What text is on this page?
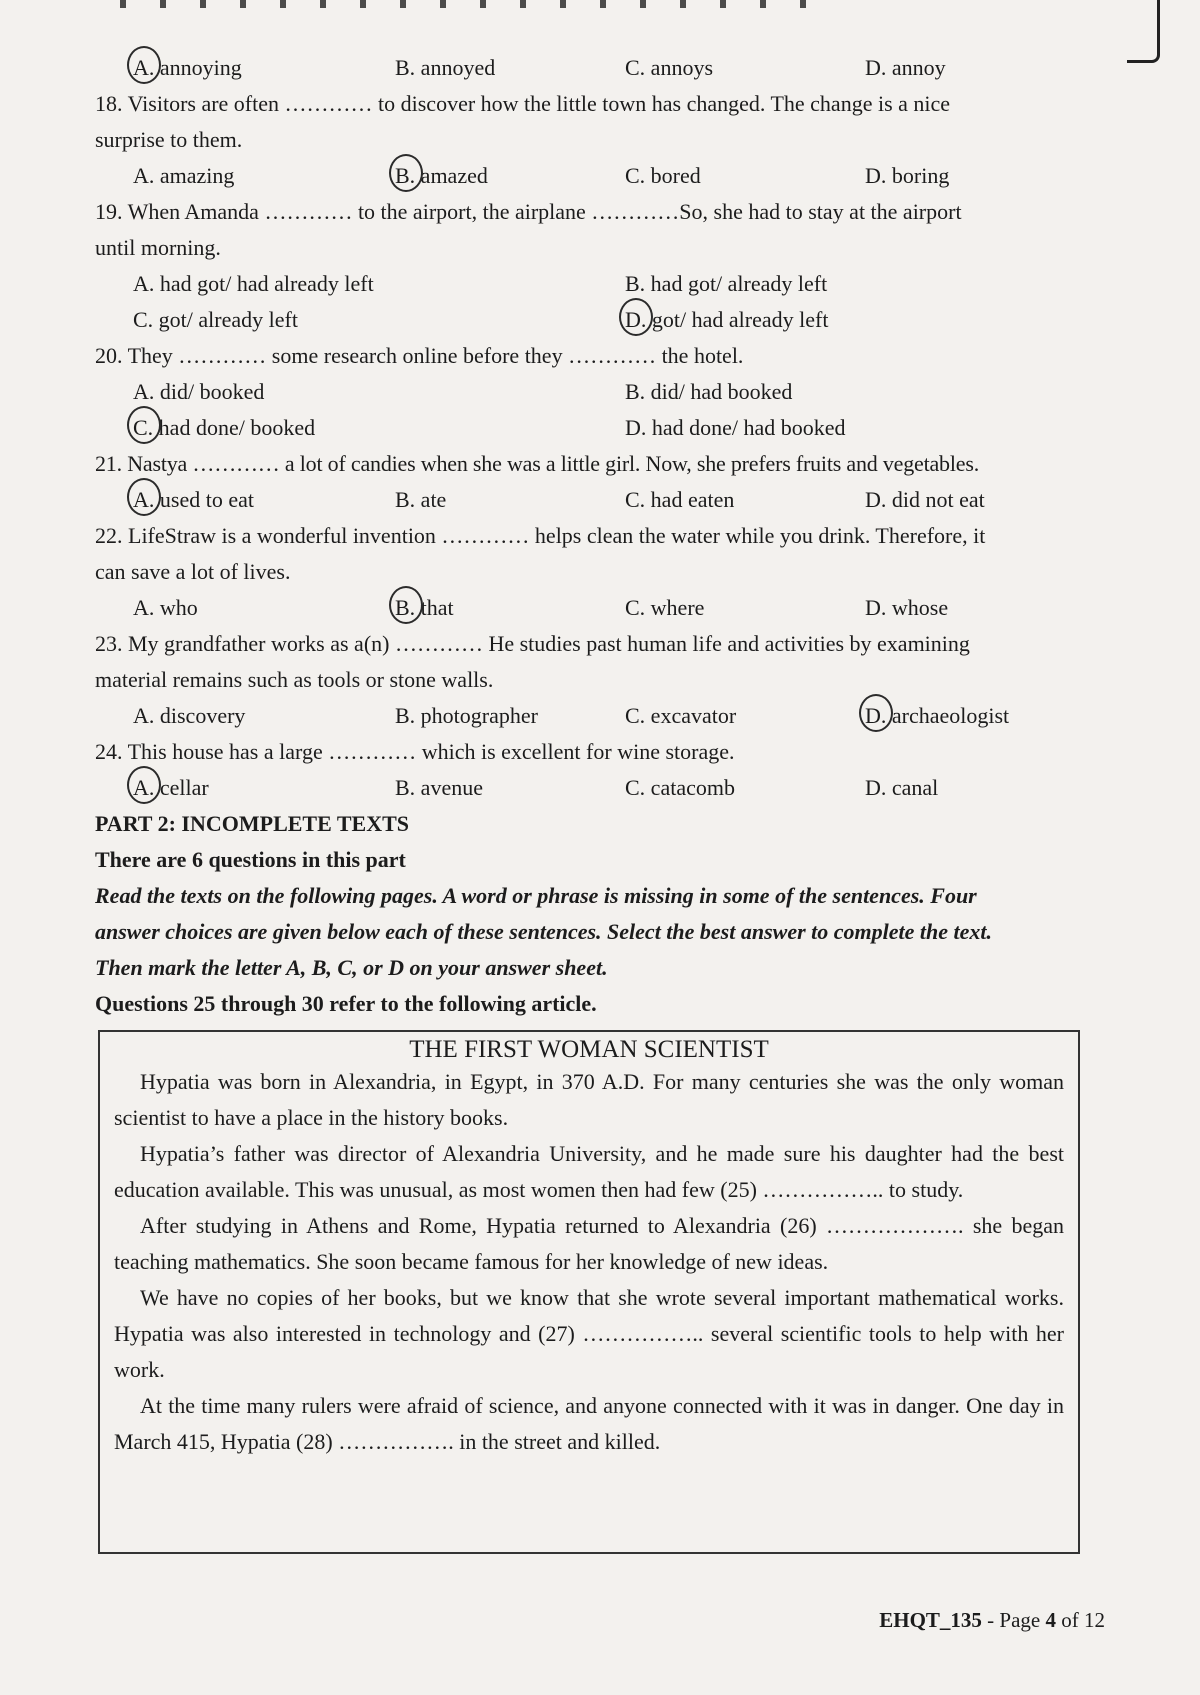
A. annoying	B. annoyed	C. annoys	D. annoy
18. Visitors are often ………… to discover how the little town has changed. The change is a nice
surprise to them.
A. amazing	B. amazed	C. bored	D. boring
19. When Amanda ………… to the airport, the airplane …………So, she had to stay at the airport
until morning.
A. had got/ had already left	B. had got/ already left
C. got/ already left	D. got/ had already left
20. They ………… some research online before they ………… the hotel.
A. did/ booked	B. did/ had booked
C. had done/ booked	D. had done/ had booked
21. Nastya ………… a lot of candies when she was a little girl. Now, she prefers fruits and vegetables.
A. used to eat	B. ate	C. had eaten	D. did not eat
22. LifeStraw is a wonderful invention ………… helps clean the water while you drink. Therefore, it
can save a lot of lives.
A. who	B. that	C. where	D. whose
23. My grandfather works as a(n) ………… He studies past human life and activities by examining
material remains such as tools or stone walls.
A. discovery	B. photographer	C. excavator	D. archaeologist
24. This house has a large ………… which is excellent for wine storage.
A. cellar	B. avenue	C. catacomb	D. canal
PART 2: INCOMPLETE TEXTS
There are 6 questions in this part
Read the texts on the following pages. A word or phrase is missing in some of the sentences. Four
answer choices are given below each of these sentences. Select the best answer to complete the text.
Then mark the letter A, B, C, or D on your answer sheet.
Questions 25 through 30 refer to the following article.
THE FIRST WOMAN SCIENTIST
Hypatia was born in Alexandria, in Egypt, in 370 A.D. For many centuries she was the only woman scientist to have a place in the history books.
Hypatia’s father was director of Alexandria University, and he made sure his daughter had the best education available. This was unusual, as most women then had few (25) …………….. to study.
After studying in Athens and Rome, Hypatia returned to Alexandria (26) ………………. she began teaching mathematics. She soon became famous for her knowledge of new ideas.
We have no copies of her books, but we know that she wrote several important mathematical works. Hypatia was also interested in technology and (27) …………….. several scientific tools to help with her work.
At the time many rulers were afraid of science, and anyone connected with it was in danger. One day in March 415, Hypatia (28) ……………. in the street and killed.
EHQT_135 - Page 4 of 12
